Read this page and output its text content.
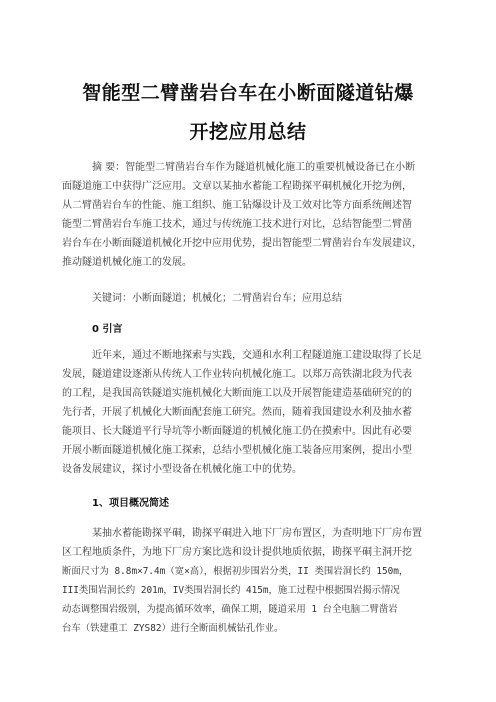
智能型二臂凿岩台车在小断面隧道钻爆
开挖应用总结
摘 要：智能型二臂凿岩台车作为隧道机械化施工的重要机械设备已在小断
面隧道施工中获得广泛应用。文章以某抽水蓄能工程勘探平硐机械化开挖为例，
从二臂凿岩台车的性能、施工组织、施工钻爆设计及工效对比等方面系统阐述智
能型二臂凿岩台车施工技术，通过与传统施工技术进行对比，总结智能型二臂凿
岩台车在小断面隧道机械化开挖中应用优势，提出智能型二臂凿岩台车发展建议，
推动隧道机械化施工的发展。
关键词：小断面隧道；机械化；二臂凿岩台车；应用总结
0 引言
近年来，通过不断地探索与实践，交通和水利工程隧道施工建设取得了长足
发展，隧道建设逐渐从传统人工作业转向机械化施工。以郑万高铁湖北段为代表
的工程，是我国高铁隧道实施机械化大断面施工以及开展智能建造基础研究的的
先行者，开展了机械化大断面配套施工研究。然而，随着我国建设水利及抽水蓄
能项目、长大隧道平行导坑等小断面隧道的机械化施工仍在摸索中。因此有必要
开展小断面隧道机械化施工探索，总结小型机械化施工装备应用案例，提出小型
设备发展建议，探讨小型设备在机械化施工中的优势。
1、项目概况简述
某抽水蓄能勘探平硐，勘探平硐进入地下厂房布置区，为查明地下厂房布置
区工程地质条件，为地下厂房方案比选和设计提供地质依据，勘探平硐主洞开挖
断面尺寸为 8.8m×7.4m（宽×高），根据初步围岩分类，II 类围岩洞长约 150m，
III类围岩洞长约 201m，IV类围岩洞长约 415m，施工过程中根据围岩揭示情况
动态调整围岩级别，为提高循环效率，确保工期，隧道采用 1 台全电脑二臂凿岩
台车（铁建重工 ZYS82）进行全断面机械钻孔作业。
